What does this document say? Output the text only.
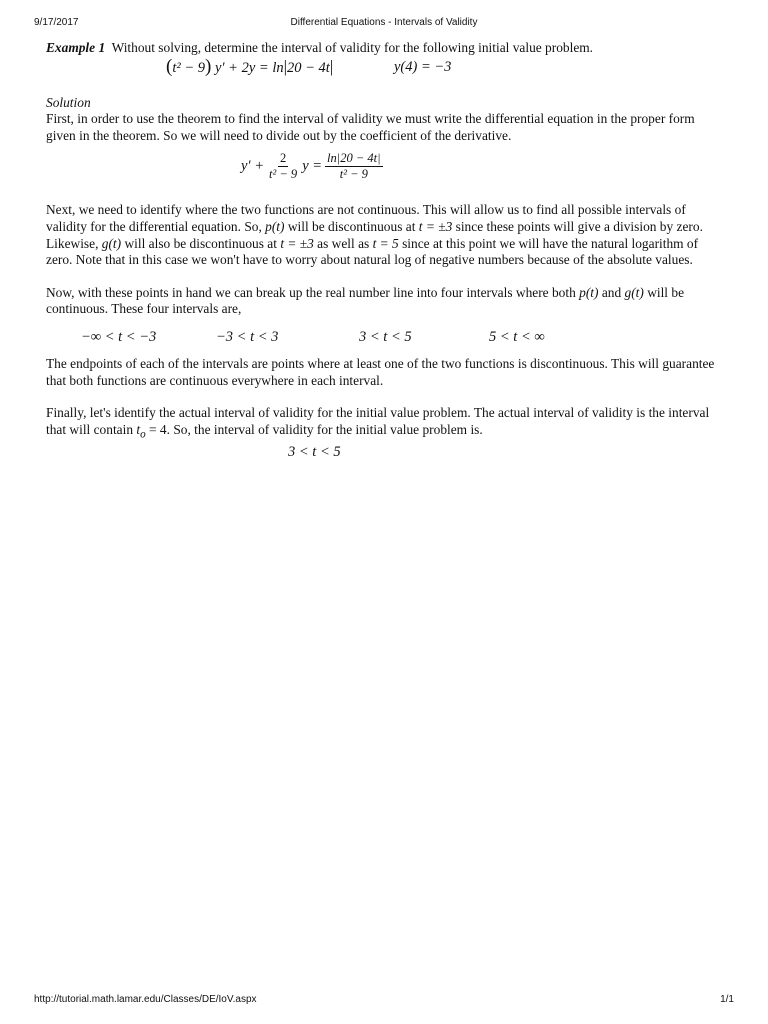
9/17/2017	Differential Equations - Intervals of Validity

Example 1 Without solving, determine the interval of validity for the following initial value problem.

(t² − 9) y′ + 2y = ln|20 − 4t|	y(4) = −3

Solution

First, in order to use the theorem to find the interval of validity we must write the differential equation in the proper form given in the theorem. So we will need to divide out by the coefficient of the derivative.

$y' + \frac{2}{\text{t² − 9}}$ $y = \frac{\ln|20 - 4t|}{\text{t² − 9}}$

Next, we need to identify where the two functions are not continuous. This will allow us to find all possible intervals of validity for the differential equation. So, p(t) will be discontinuous at t = ±3 since these points will give a division by zero. Likewise, g(t) will also be discontinuous at t = ±3 as well as t = 5 since at this point we will have the natural logarithm of zero. Note that in this case we won't have to worry about natural log of negative numbers because of the absolute values.

Now, with these points in hand we can break up the real number line into four intervals where both p(t) and g(t) will be continuous. These four intervals are,

−∞ < t < −3	−3 < t < 3	3 < t < 5	5 < t < ∞

The endpoints of each of the intervals are points where at least one of the two functions is discontinuous. This will guarantee that both functions are continuous everywhere in each interval.

Finally, let's identify the actual interval of validity for the initial value problem. The actual interval of validity is the interval that will contain $t_o = 4$. So, the interval of validity for the initial value problem is.

3 < t < 5
http://tutorial.math.lamar.edu/Classes/DE/IoV.aspx	1/1
